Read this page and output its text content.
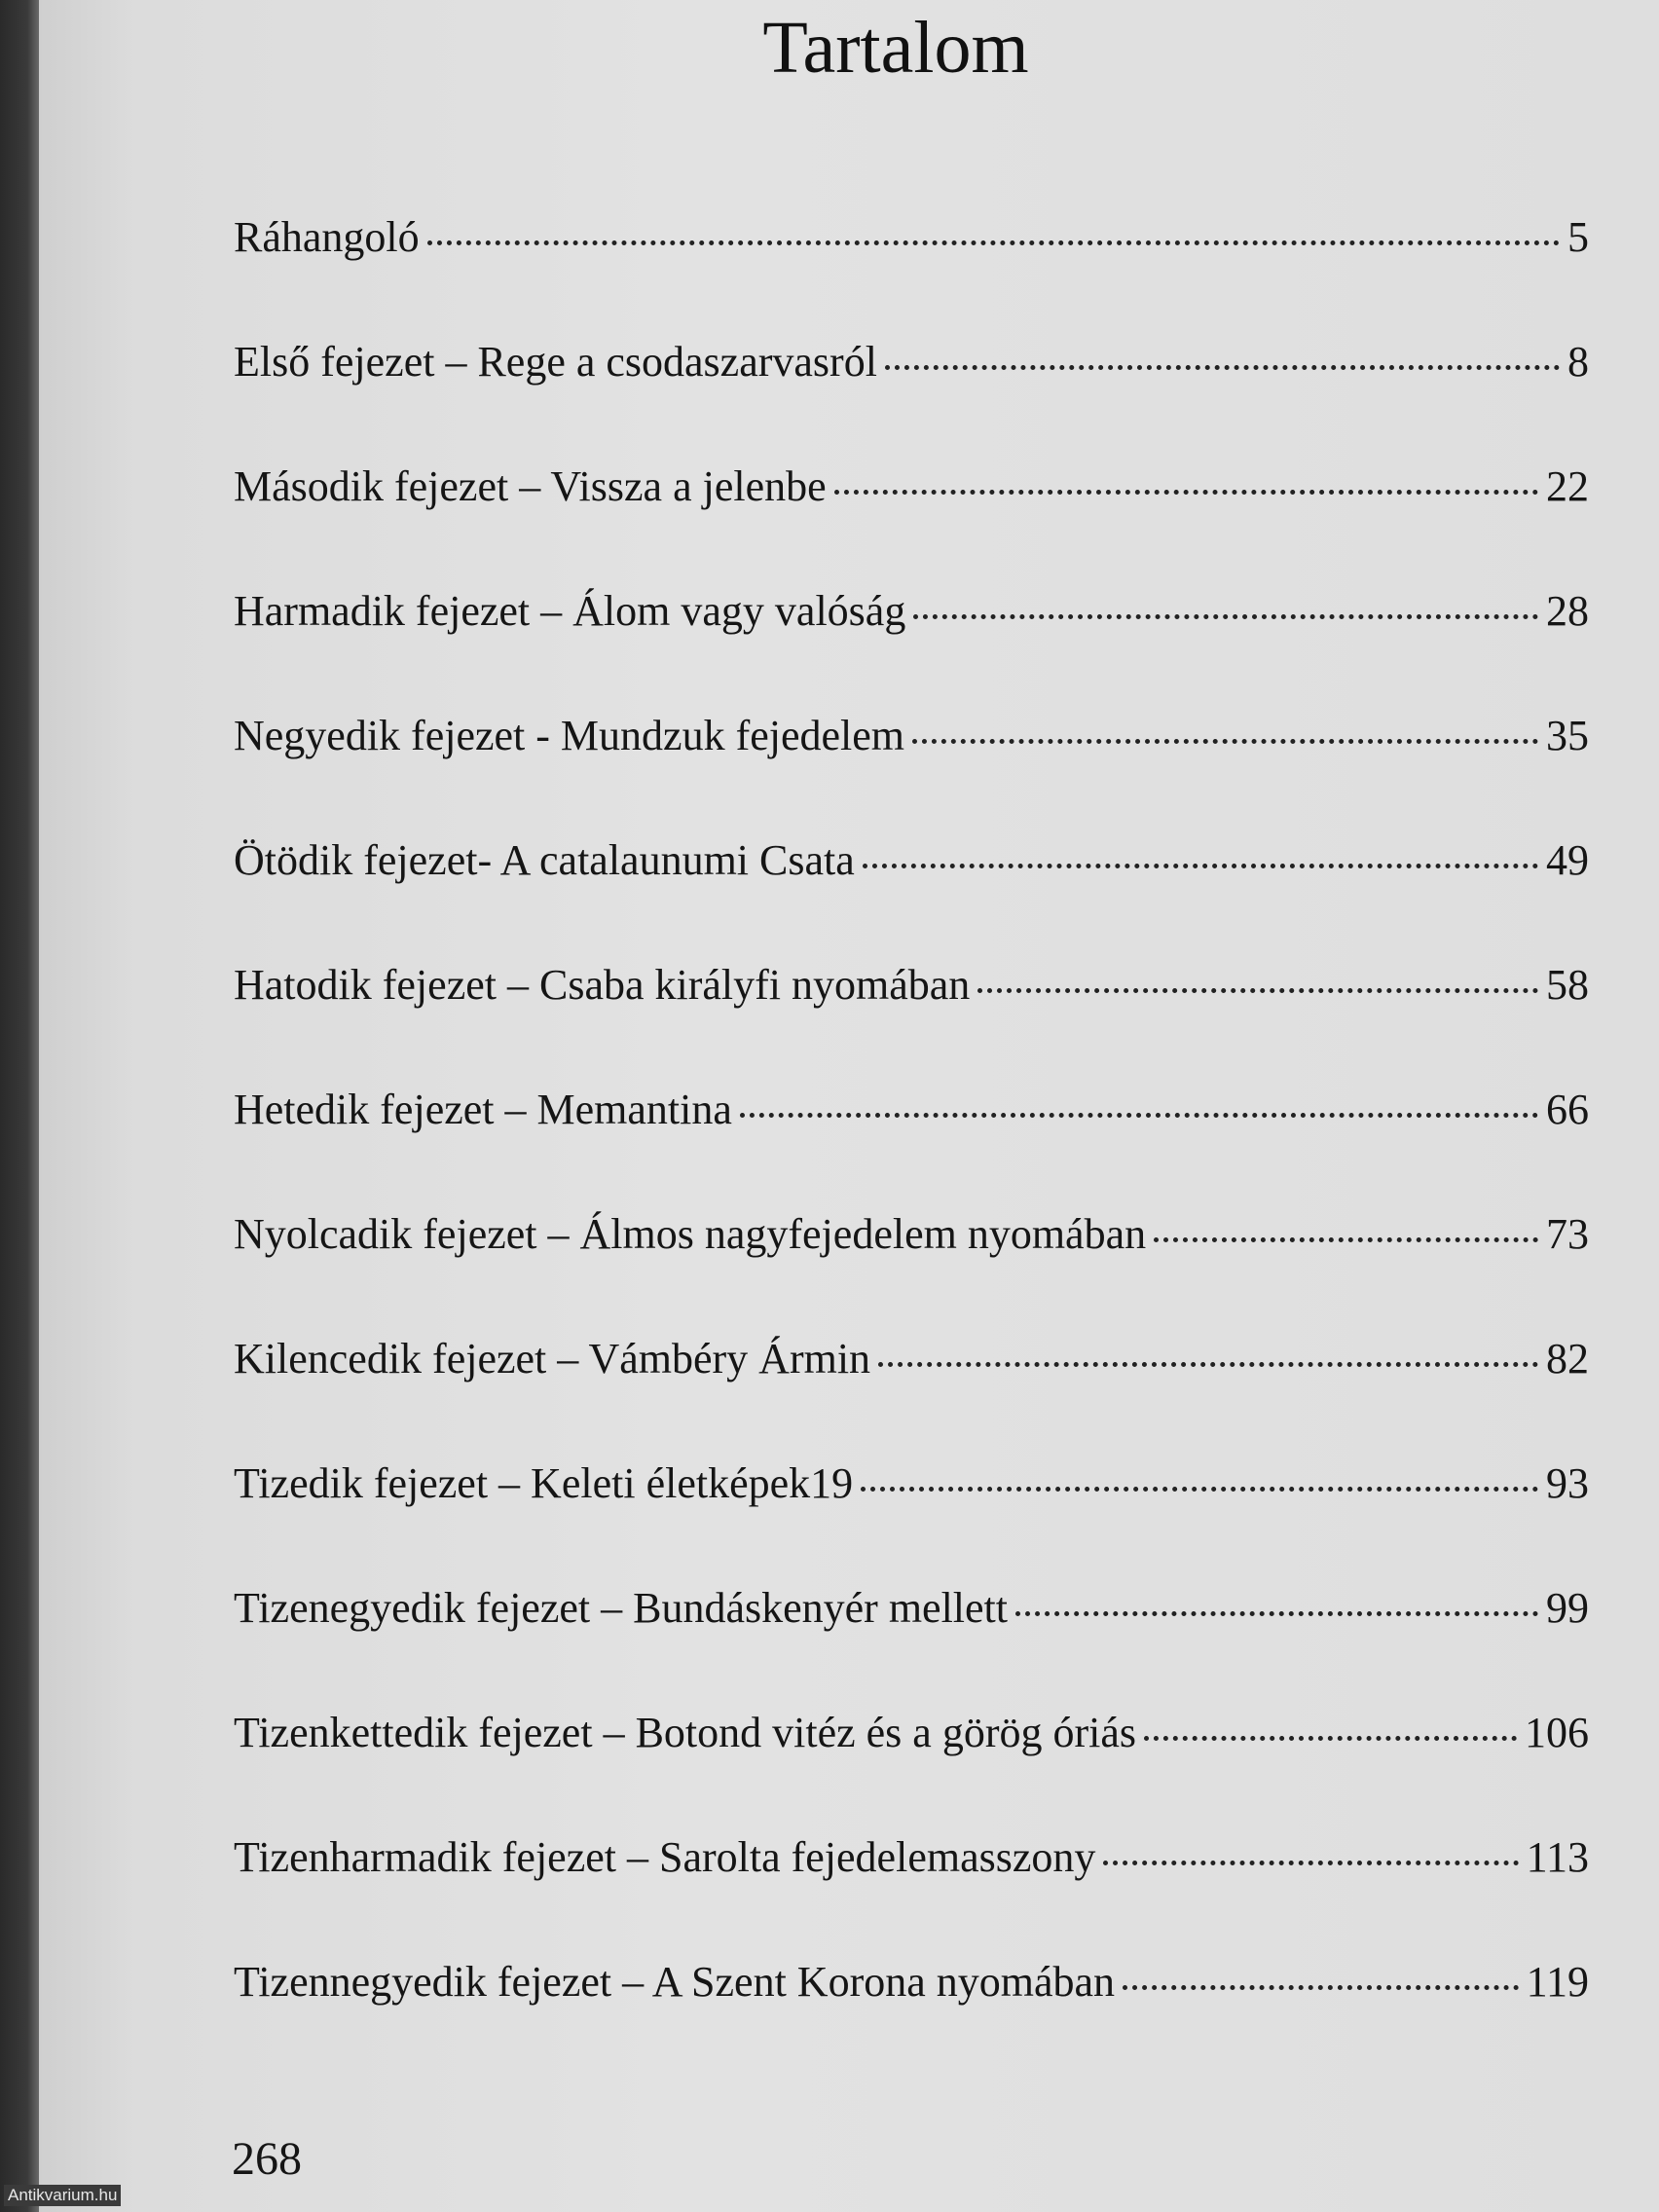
Tartalom
Ráhangoló	5
Első fejezet – Rege a csodaszarvasról	8
Második fejezet – Vissza a jelenbe	22
Harmadik fejezet – Álom vagy valóság	28
Negyedik fejezet - Mundzuk fejedelem	35
Ötödik fejezet- A catalaunumi Csata	49
Hatodik fejezet – Csaba királyfi nyomában	58
Hetedik fejezet – Memantina	66
Nyolcadik fejezet – Álmos nagyfejedelem nyomában	73
Kilencedik fejezet – Vámbéry Ármin	82
Tizedik fejezet – Keleti életképek19	93
Tizenegyedik fejezet – Bundáskenyér mellett	99
Tizenkettedik fejezet – Botond vitéz és a görög óriás	106
Tizenharmadik fejezet – Sarolta fejedelemasszony	113
Tizennegyedik fejezet – A Szent Korona nyomában	119
268
Antikvarium.hu
